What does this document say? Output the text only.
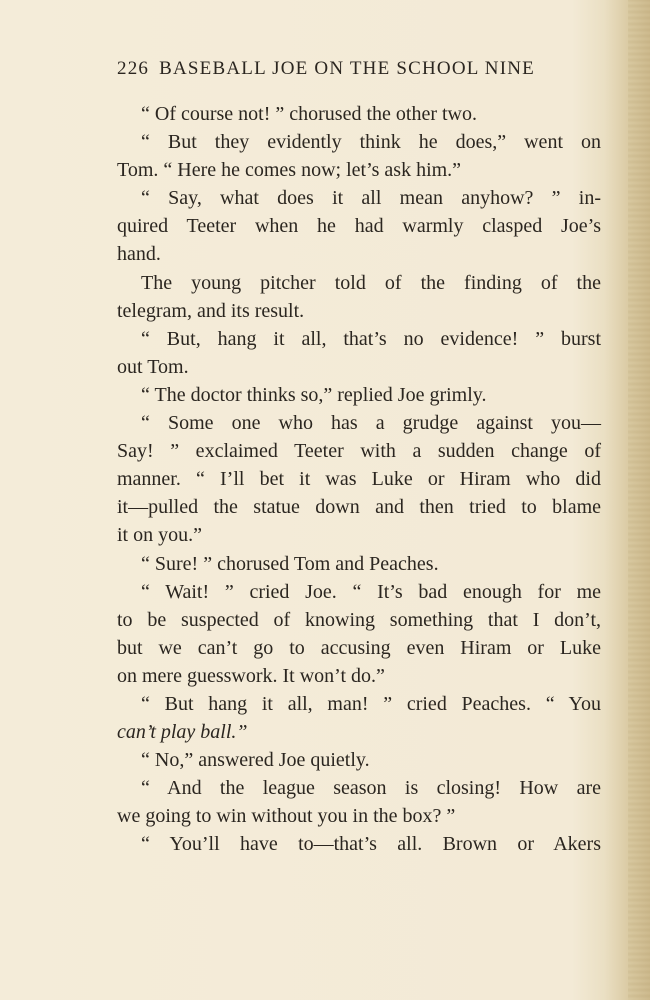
226 BASEBALL JOE ON THE SCHOOL NINE
“ Of course not! ” chorused the other two.
“ But they evidently think he does,” went on
Tom. “ Here he comes now; let’s ask him.”
“ Say, what does it all mean anyhow? ” in-
quired Teeter when he had warmly clasped Joe’s
hand.
The young pitcher told of the finding of the
telegram, and its result.
“ But, hang it all, that’s no evidence! ” burst
out Tom.
“ The doctor thinks so,” replied Joe grimly.
“ Some one who has a grudge against you—
Say! ” exclaimed Teeter with a sudden change of
manner. “ I’ll bet it was Luke or Hiram who did
it—pulled the statue down and then tried to blame
it on you.”
“ Sure! ” chorused Tom and Peaches.
“ Wait! ” cried Joe. “ It’s bad enough for me
to be suspected of knowing something that I don’t,
but we can’t go to accusing even Hiram or Luke
on mere guesswork. It won’t do.”
“ But hang it all, man! ” cried Peaches. “ You
can’t play ball.”
“ No,” answered Joe quietly.
“ And the league season is closing! How are
we going to win without you in the box? ”
“ You’ll have to—that’s all. Brown or Akers
